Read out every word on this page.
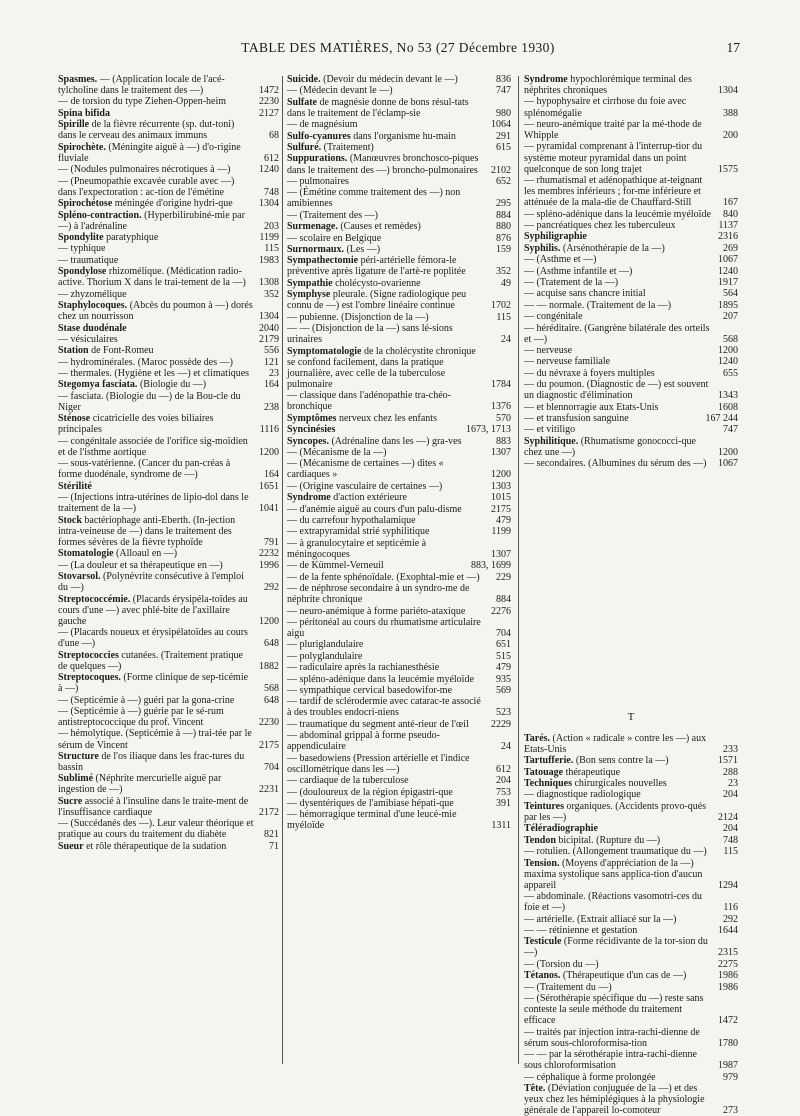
TABLE DES MATIÈRES, No 53 (27 Décembre 1930)	17
Spasmes. — (Application locale de l'acé-tylcholine dans le traitement des —)	1472
— de torsion du type Ziehen-Oppen-heim	2230
Spina bifida	2127
Spirille de la fièvre récurrente (sp. dut-toni) dans le cerveau des animaux immuns	68
Spirochète. (Méningite aiguë à —) d'o-rigine fluviale	612
— (Nodules pulmonaires nécrotiques à —)	1240
— (Pneumopathie excavée curable avec —) dans l'expectoration : ac-tion de l'émétine	748
Spirochétose méningée d'origine hydri-que	1304
Spléno-contraction. (Hyperbilirubiné-mie par —) à l'adrénaline	203
Spondylite paratyphique	1199
— typhique	115
— traumatique	1983
Spondylose rhizomélique. (Médication radio-active. Thorium X dans le trai-tement de la —)	1308
— zhyzomélique	352
Staphylocoques. (Abcès du poumon à —) dorés chez un nourrisson	1304
Stase duodénale	2040
— vésiculaires	2179
Station de Font-Romeu	556
— hydrominérales. (Maroc possède des —)	121
— thermales. (Hygiène et les —) et climatiques	23
Stegomya fasciata. (Biologie du —)	164
— fasciata. (Biologie du —) de la Bou-cle du Niger	238
Sténose cicatricielle des voies biliaires principales	1116
— congénitale associée de l'orifice sig-moïdien et de l'isthme aortique	1200
— sous-vatérienne. (Cancer du pan-créas à forme duodénale, syndrome de —)	164
Stérilité	1651
— (Injections intra-utérines de lipio-dol dans le traitement de la —)	1041
Stock bactériophage anti-Eberth. (In-jection intra-veineuse de —) dans le traitement des formes sévères de la fièvre typhoïde	791
Stomatologie (Alloaul en —)	2232
— (La douleur et sa thérapeutique en —)	1996
Stovarsol. (Polynévrite consécutive à l'emploi du —)	292
Streptococcémie. (Placards érysipéla-toïdes au cours d'une —) avec phlé-bite de l'axillaire gauche	1200
— (Placards noueux et érysipélatoïdes au cours d'une —)	648
Streptococcies cutanées. (Traitement pratique de quelques —)	1882
Streptocoques. (Forme clinique de sep-ticémie à —)	568
— (Septicémie à —) guéri par la gona-crine	648
— (Septicémie à —) guérie par le sé-rum antistreptococcique du prof. Vincent	2230
— hémolytique. (Septicémie à —) trai-tée par le sérum de Vincent	2175
Structure de l'os iliaque dans les frac-tures du bassin	704
Sublimé (Néphrite mercurielle aiguë par ingestion de —)	2231
Sucre associé à l'insuline dans le traite-ment de l'insuffisance cardiaque	2172
— (Succédanés des —). Leur valeur théorique et pratique au cours du traitement du diabète	821
Sueur et rôle thérapeutique de la sudation	71
Suicide. (Devoir du médecin devant le —)	836
— (Médecin devant le —)	747
Sulfate de magnésie donne de bons résul-tats dans le traitement de l'éclamp-sie	980
— de magnésium	1064
Sulfo-cyanures dans l'organisme hu-main	291
Sulfuré. (Traitement)	615
Suppurations. (Manœuvres bronchosco-piques dans le traitement des —) broncho-pulmonaires	2102
— pulmonaires	652
— (Émétine comme traitement des —) non amibiennes	295
— (Traitement des —)	884
Surmenage. (Causes et remèdes)	880
— scolaire en Belgique	876
Surnormaux. (Les —)	159
Sympathectomie péri-artérielle fémora-le préventive après ligature de l'artè-re poplitée	352
Sympathie cholécysto-ovarienne	49
Symphyse pleurale. (Signe radiologique peu connu de —) est l'ombre linéaire continue	1702
— pubienne. (Disjonction de la —)	115
— — (Disjonction de la —) sans lé-sions urinaires	24
Symptomatologie de la cholécystite chronique se confond facilement, dans la pratique journalière, avec celle de la tuberculose pulmonaire	1784
— classique dans l'adénopathie tra-chéo-bronchique	1376
Symptômes nerveux chez les enfants	570
Syncinésies	1673, 1713
Syncopes. (Adrénaline dans les —) gra-ves	883
— (Mécanisme de la —)	1307
— (Mécanisme de certaines —) dites « cardiaques »	1200
— (Origine vasculaire de certaines —)	1303
Syndrome d'action extérieure	1015
— d'anémie aiguë au cours d'un palu-disme	2175
— du carrefour hypothalamique	479
— extrapyramidal strié syphilitique	1199
— à granulocytaire et septicémie à méningocoques	1307
— de Kümmel-Verneuil	883, 1699
— de la fente sphénoïdale. (Exophtal-mie et —)	229
— de néphrose secondaire à un syndro-me de néphrite chronique	884
— neuro-anémique à forme pariéto-ataxique	2276
— péritonéal au cours du rhumatisme articulaire aigu	704
— pluriglandulaire	651
— polyglandulaire	515
— radiculaire après la rachianesthésie	479
— spléno-adénique dans la leucémie myéloïde	935
— sympathique cervical basedowifor-me	569
— tardif de sclérodermie avec catarac-te associé à des troubles endocri-niens	523
— traumatique du segment anté-rieur de l'œil	2229
— abdominal grippal à forme pseudo-appendiculaire	24
— basedowiens (Pression artérielle et l'indice oscillométrique dans les —)	612
— cardiaque de la tuberculose	204
— (douloureux de la région épigastri-que	753
— dysentériques de l'amibiase hépati-que	391
— hémorragique terminal d'une leucé-mie myéloïde	1311
Syndrome hypochlorémique terminal des néphrites chroniques	1304
— hypophysaire et cirrhose du foie avec splénomégalie	388
— neuro-anémique traité par la mé-thode de Whipple	200
— pyramidal comprenant à l'interrup-tior du système moteur pyramidal dans un point quelconque de son long trajet	1575
— rhumatismal et adénopathique at-teignant les membres inférieurs ; for-me inférieure et atténuée de la mala-die de Chauffard-Still	167
— spléno-adénique dans la leucémie myéloïde	840
— pancréatiques chez les tuberculeux	1137
Syphiligraphie	2316
Syphilis. (Arsénothérapie de la —)	269
— (Asthme et —)	1067
— (Asthme infantile et —)	1240
— (Tratement de la —)	1917
— acquise sans chancre initial	564
— — normale. (Traitement de la —)	1895
— congénitale	207
— héréditaire. (Gangrène bilatérale des orteils et —)	568
— nerveuse	1200
— nerveuse familiale	1240
— du névraxe à foyers multiples	655
— du poumon. (Diagnostic de —) est souvent un diagnostic d'élimination	1343
— et blennorragie aux Etats-Unis	1608
— et transfusion sanguine	167 244
— et vitiligo	747
Syphilitique. (Rhumatisme gonococci-que chez une —)	1200
— secondaires. (Albumines du sérum des —)	1067
T
Tarés. (Action « radicale » contre les —) aux Etats-Unis	233
Tartufferie. (Bon sens contre la —)	1571
Tatouage thérapeutique	288
Techniques chirurgicales nouvelles	23
— diagnostique radiologique	204
Teintures organiques. (Accidents provo-qués par les —)	2124
Téléradiographie	204
Tendon bicipital. (Rupture du —)	748
— rotulien. (Allongement traumatique du —)	115
Tension. (Moyens d'appréciation de la —) maxima systolique sans applica-tion d'aucun appareil	1294
— abdominale. (Réactions vasomotri-ces du foie et —)	116
— artérielle. (Extrait alliacé sur la —)	292
— — rétinienne et gestation	1644
Testicule (Forme récidivante de la tor-sion du —)	2315
— (Torsion du —)	2275
Tétanos. (Thérapeutique d'un cas de —)	1986
— (Traitement du —)	1986
— (Sérothérapie spécifique du —) reste sans conteste la seule méthode du traitement efficace	1472
— traités par injection intra-rachi-dienne de sérum sous-chloroformisa-tion	1780
— — par la sérothérapie intra-rachi-dienne sous chloroformisation	1987
— céphalique à forme prolongée	979
Tête. (Déviation conjuguée de la —) et des yeux chez les hémiplégiques à la physiologie générale de l'appareil lo-comoteur	273
